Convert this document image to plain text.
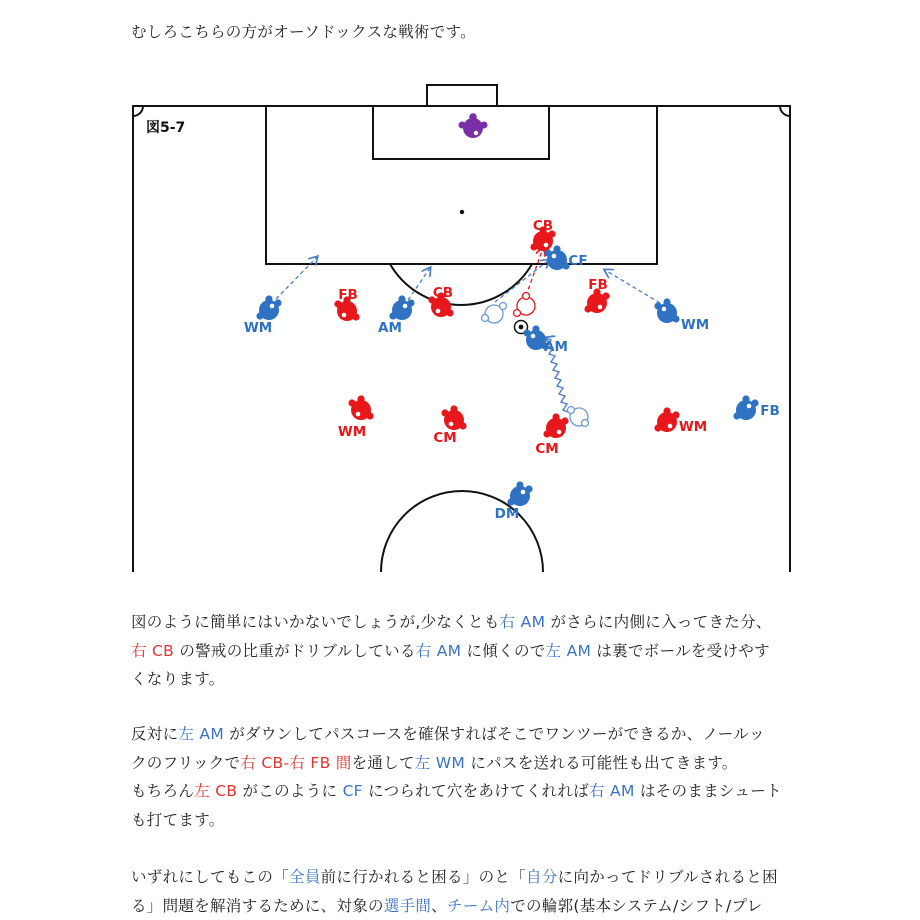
むしろこちらの方がオーソドックスな戦術です。
図5-7
WM	AM
CF
AM
WM
FB
DM
FB	CB
CB
FB
WM	CM
CM
WM
図のように簡単にはいかないでしょうが,少なくとも右 AM がさらに内側に入ってきた分、
右 CB の警戒の比重がドリブルしている右 AM に傾くので左 AM は裏でボールを受けやす
くなります。
反対に左 AM がダウンしてパスコースを確保すればそこでワンツーができるか、ノールッ
クのフリックで右 CB-右 FB 間を通して左 WM にパスを送れる可能性も出てきます。
もちろん左 CB がこのように CF につられて穴をあけてくれれば右 AM はそのままシュート
も打てます。
いずれにしてもこの「全員前に行かれると困る」のと「自分に向かってドリブルされると困
る」問題を解消するために、対象の選手間、チーム内での輪郭(基本システム/シフト/プレ
